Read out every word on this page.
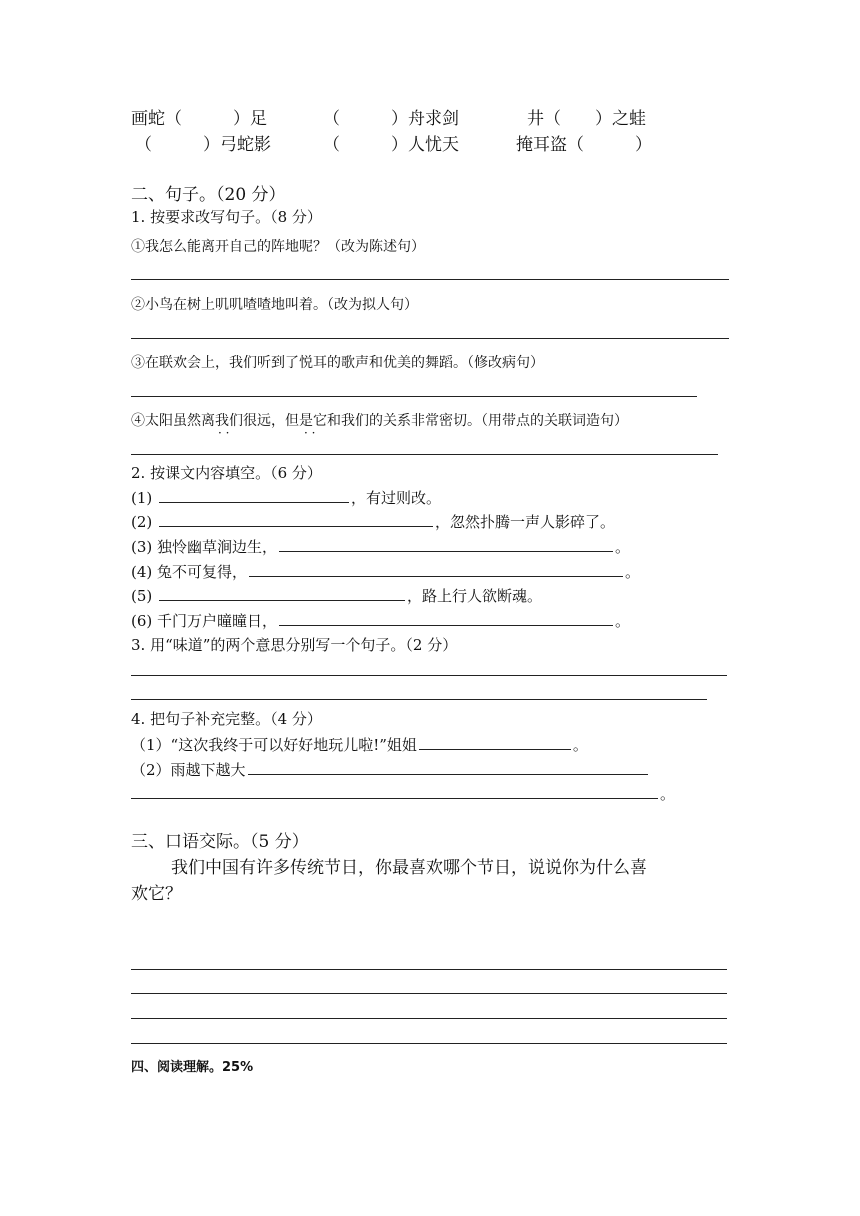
画蛇（　　　）足	（　　　）舟求剑	井（　　）之蛙
（　　　）弓蛇影	（　　　）人忧天	掩耳盗（　　　）
二、句子。（20 分）
1. 按要求改写句子。（8 分）
①我怎么能离开自己的阵地呢？（改为陈述句）
②小鸟在树上叽叽喳喳地叫着。（改为拟人句）
③在联欢会上，我们听到了悦耳的歌声和优美的舞蹈。（修改病句）
④太阳虽然离我们很远，但是它和我们的关系非常密切。（用带点的关联词造句）
· ·	· ·
2. 按课文内容填空。（6 分）
(1)	，有过则改。
(2)	，忽然扑腾一声人影碎了。
(3) 独怜幽草涧边生，	。
(4) 兔不可复得，	。
(5)	，路上行人欲断魂。
(6) 千门万户曈曈日，	。
3. 用“味道”的两个意思分别写一个句子。（2 分）
4. 把句子补充完整。（4 分）
（1）“这次我终于可以好好地玩儿啦!”姐姐	。
（2）雨越下越大
。
三、口语交际。（5 分）
我们中国有许多传统节日，你最喜欢哪个节日，说说你为什么喜
欢它？
四、阅读理解。25%
